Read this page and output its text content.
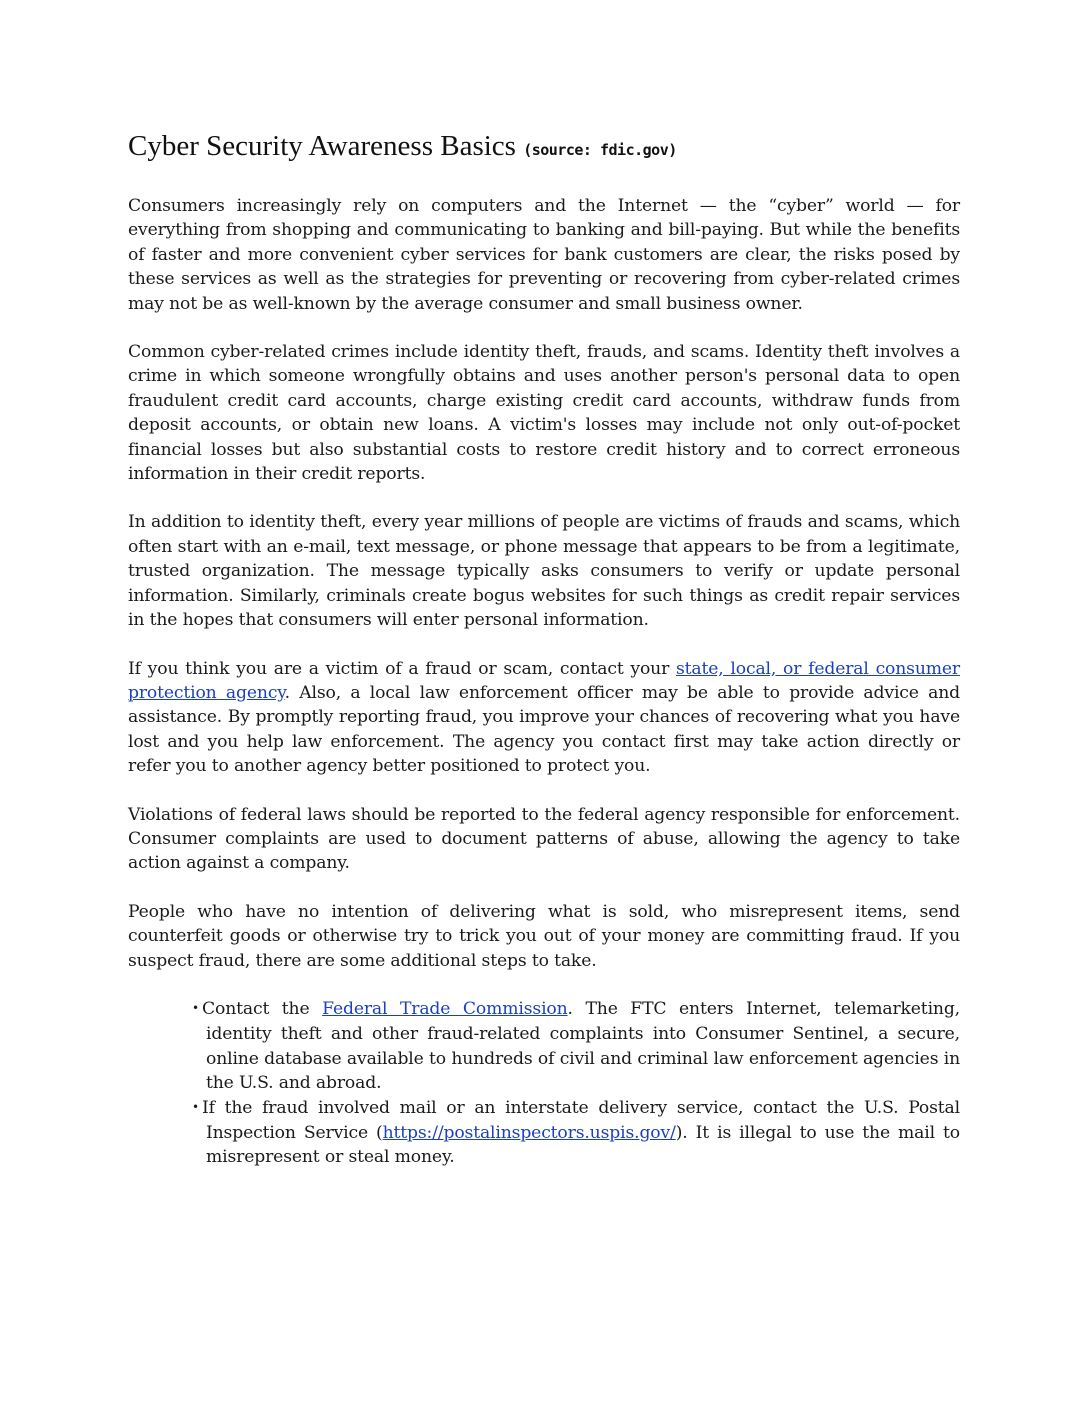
Cyber Security Awareness Basics (source: fdic.gov)

Consumers increasingly rely on computers and the Internet — the “cyber” world — for everything from shopping and communicating to banking and bill-paying. But while the benefits of faster and more convenient cyber services for bank customers are clear, the risks posed by these services as well as the strategies for preventing or recovering from cyber-related crimes may not be as well-known by the average consumer and small business owner.

Common cyber-related crimes include identity theft, frauds, and scams. Identity theft involves a crime in which someone wrongfully obtains and uses another person's personal data to open fraudulent credit card accounts, charge existing credit card accounts, withdraw funds from deposit accounts, or obtain new loans. A victim's losses may include not only out-of-pocket financial losses but also substantial costs to restore credit history and to correct erroneous information in their credit reports.

In addition to identity theft, every year millions of people are victims of frauds and scams, which often start with an e-mail, text message, or phone message that appears to be from a legitimate, trusted organization. The message typically asks consumers to verify or update personal information. Similarly, criminals create bogus websites for such things as credit repair services in the hopes that consumers will enter personal information.

If you think you are a victim of a fraud or scam, contact your state, local, or federal consumer protection agency. Also, a local law enforcement officer may be able to provide advice and assistance. By promptly reporting fraud, you improve your chances of recovering what you have lost and you help law enforcement. The agency you contact first may take action directly or refer you to another agency better positioned to protect you.

Violations of federal laws should be reported to the federal agency responsible for enforcement. Consumer complaints are used to document patterns of abuse, allowing the agency to take action against a company.

People who have no intention of delivering what is sold, who misrepresent items, send counterfeit goods or otherwise try to trick you out of your money are committing fraud. If you suspect fraud, there are some additional steps to take.

• Contact the Federal Trade Commission. The FTC enters Internet, telemarketing, identity theft and other fraud-related complaints into Consumer Sentinel, a secure, online database available to hundreds of civil and criminal law enforcement agencies in the U.S. and abroad.
• If the fraud involved mail or an interstate delivery service, contact the U.S. Postal Inspection Service (https://postalinspectors.uspis.gov/). It is illegal to use the mail to misrepresent or steal money.
